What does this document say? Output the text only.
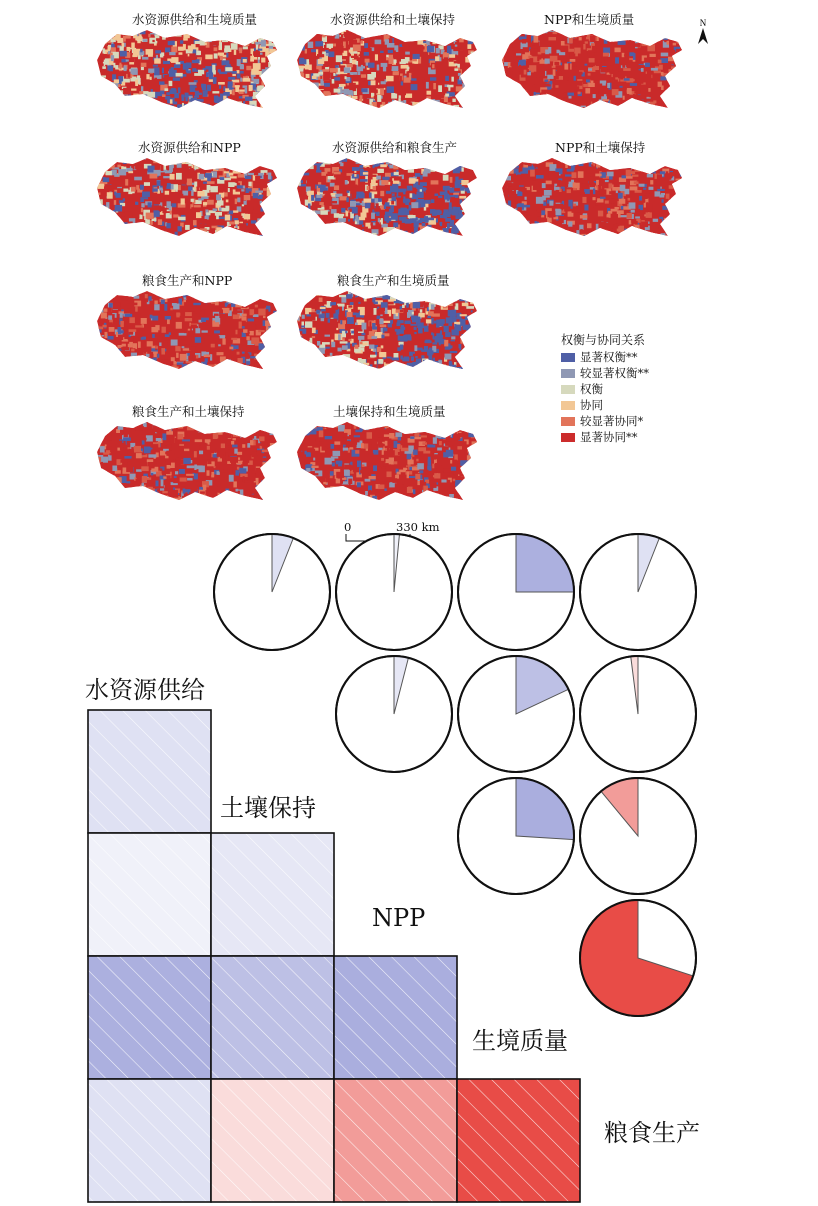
水资源供给和生境质量	水资源供给和土壤保持	NPP和生境质量
水资源供给和NPP	水资源供给和粮食生产	NPP和土壤保持
粮食生产和NPP	粮食生产和生境质量
粮食生产和土壤保持	土壤保持和生境质量
N
权衡与协同关系
显著权衡**
较显著权衡**
权衡
协同
较显著协同*
显著协同**
0	330 km
水资源供给
土壤保持
NPP
生境质量
粮食生产
